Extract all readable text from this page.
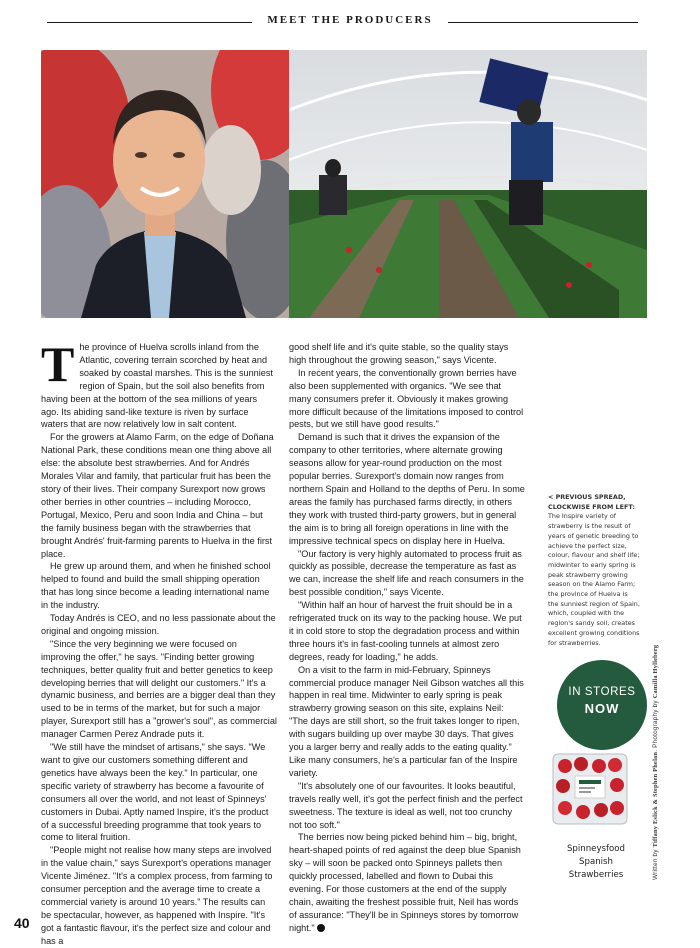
MEET THE PRODUCERS
T he province of Huelva scrolls inland from the Atlantic, covering terrain scorched by heat and soaked by coastal marshes. This is the sunniest region of Spain, but the soil also benefits from having been at the bottom of the sea millions of years ago. Its abiding sand-like texture is riven by surface waters that are now relatively low in salt content.

For the growers at Alamo Farm, on the edge of Doñana National Park, these conditions mean one thing above all else: the absolute best strawberries. And for Andrés Morales Vilar and family, that particular fruit has been the story of their lives. Their company Surexport now grows other berries in other countries – including Morocco, Portugal, Mexico, Peru and soon India and China – but the family business began with the strawberries that brought Andrés' fruit-farming parents to Huelva in the first place.

He grew up around them, and when he finished school helped to found and build the small shipping operation that has long since become a leading international name in the industry.

Today Andrés is CEO, and no less passionate about the original and ongoing mission.

"Since the very beginning we were focused on improving the offer," he says. "Finding better growing techniques, better quality fruit and better genetics to keep developing berries that will delight our customers." It's a dynamic business, and berries are a bigger deal than they used to be in terms of the market, but for such a major player, Surexport still has a "grower's soul", as commercial manager Carmen Perez Andrade puts it.

"We still have the mindset of artisans," she says. "We want to give our customers something different and genetics have always been the key." In particular, one specific variety of strawberry has become a favourite of consumers all over the world, and not least of Spinneys' customers in Dubai. Aptly named Inspire, it's the product of a successful breeding programme that took years to come to literal fruition.

"People might not realise how many steps are involved in the value chain," says Surexport's operations manager Vicente Jiménez. "It's a complex process, from farming to consumer perception and the average time to create a commercial variety is around 10 years." The results can be spectacular, however, as happened with Inspire. "It's got a fantastic flavour, it's the perfect size and colour and has a

good shelf life and it's quite stable, so the quality stays high throughout the growing season," says Vicente.

In recent years, the conventionally grown berries have also been supplemented with organics. "We see that many consumers prefer it. Obviously it makes growing more difficult because of the limitations imposed to control pests, but we still have good results."

Demand is such that it drives the expansion of the company to other territories, where alternate growing seasons allow for year-round production on the most popular berries. Surexport's domain now ranges from northern Spain and Holland to the depths of Peru. In some areas the family has purchased farms directly, in others they work with trusted third-party growers, but in general the aim is to bring all foreign operations in line with the impressive technical specs on display here in Huelva.

"Our factory is very highly automated to process fruit as quickly as possible, decrease the temperature as fast as we can, increase the shelf life and reach consumers in the best possible condition," says Vicente.

"Within half an hour of harvest the fruit should be in a refrigerated truck on its way to the packing house. We put it in cold store to stop the degradation process and within three hours it's in fast-cooling tunnels at almost zero degrees, ready for loading," he adds.

On a visit to the farm in mid-February, Spinneys commercial produce manager Neil Gibson watches all this happen in real time. Midwinter to early spring is peak strawberry growing season on this site, explains Neil: "The days are still short, so the fruit takes longer to ripen, with sugars building up over maybe 30 days. That gives you a larger berry and really adds to the eating quality." Like many consumers, he's a particular fan of the Inspire variety.

"It's absolutely one of our favourites. It looks beautiful, travels really well, it's got the perfect finish and the perfect sweetness. The texture is ideal as well, not too crunchy not too soft."

The berries now being picked behind him – big, bright, heart-shaped points of red against the deep blue Spanish sky – will soon be packed onto Spinneys pallets then quickly processed, labelled and flown to Dubai this evening. For those customers at the end of the supply chain, awaiting the freshest possible fruit, Neil has words of assurance: "They'll be in Spinneys stores by tomorrow night."

< PREVIOUS SPREAD, CLOCKWISE FROM LEFT: The Inspire variety of strawberry is the result of years of genetic breeding to achieve the perfect size, colour, flavour and shelf life; midwinter to early spring is peak strawberry growing season on the Alamo Farm; the province of Huelva is the sunniest region of Spain, which, coupled with the region's sandy soil, creates excellent growing conditions for strawberries.
IN STORES
NOW
Spinneysfood
Spanish
Strawberries	Written by Tiffany Eslick & Stephen Phelan. Photography by Camilla Hylleberg
40
